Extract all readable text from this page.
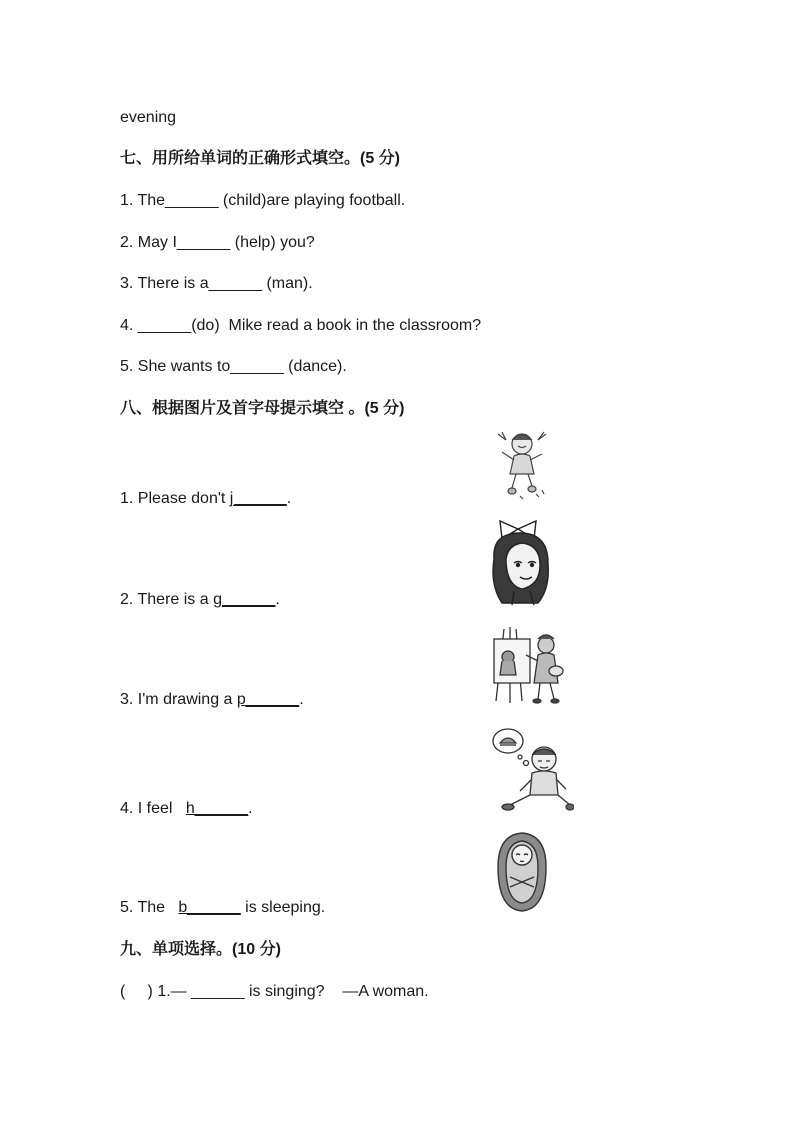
evening
七、用所给单词的正确形式填空。(5 分)
1. The______ (child)are playing football.
2. May I______ (help) you?
3. There is a______ (man).
4. ______(do)  Mike read a book in the classroom?
5. She wants to______ (dance).
八、根据图片及首字母提示填空 。(5 分)
1. Please don't j______.
2. There is a g______.
3. I'm drawing a p______.
4. I feel   h______.
5. The   b______ is sleeping.
九、单项选择。(10 分)
(     ) 1.— ______ is singing?    —A woman.
